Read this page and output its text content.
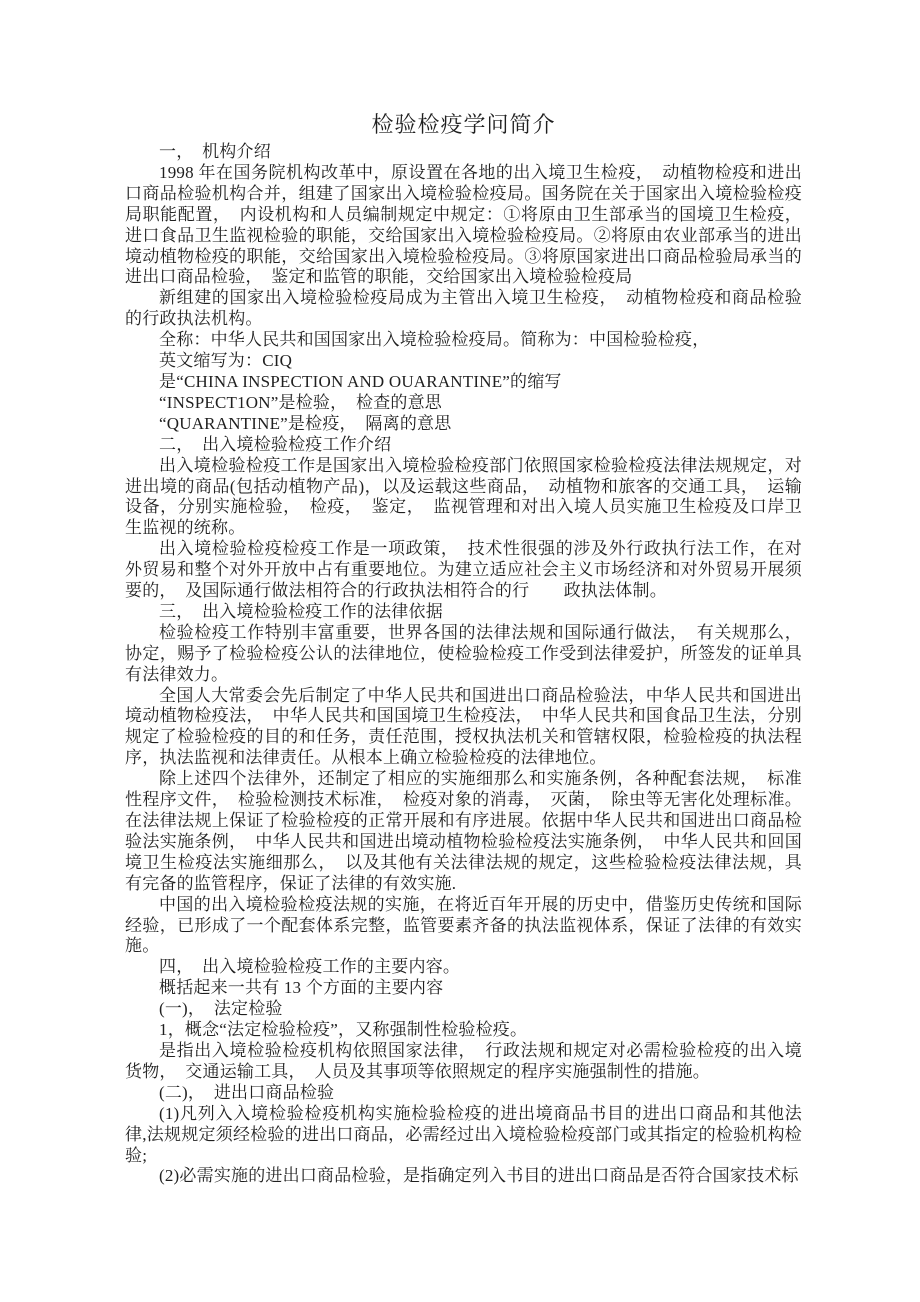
检验检疫学问简介

一，　机构介绍

1998 年在国务院机构改革中，原设置在各地的出入境卫生检疫，　动植物检疫和进出口商品检验机构合并，组建了国家出入境检验检疫局。国务院在关于国家出入境检验检疫局职能配置，　内设机构和人员编制规定中规定：①将原由卫生部承当的国境卫生检疫，进口食品卫生监视检验的职能，交给国家出入境检验检疫局。②将原由农业部承当的进出境动植物检疫的职能，交给国家出入境检验检疫局。③将原国家进出口商品检验局承当的进出口商品检验，　鉴定和监管的职能，交给国家出入境检验检疫局

新组建的国家出入境检验检疫局成为主管出入境卫生检疫，　动植物检疫和商品检验的行政执法机构。

全称：中华人民共和国国家出入境检验检疫局。简称为：中国检验检疫，

英文缩写为：CIQ

是“CHINA INSPECTION AND OUARANTINE”的缩写

“INSPECT1ON”是检验，　检查的意思

“QUARANTINE”是检疫，　隔离的意思

二，　出入境检验检疫工作介绍

出入境检验检疫工作是国家出入境检验检疫部门依照国家检验检疫法律法规规定，对进出境的商品(包括动植物产品)，以及运载这些商品，　动植物和旅客的交通工具，　运输设备，分别实施检验，　检疫，　鉴定，　监视管理和对出入境人员实施卫生检疫及口岸卫生监视的统称。

出入境检验检疫检疫工作是一项政策，　技术性很强的涉及外行政执行法工作，在对外贸易和整个对外开放中占有重要地位。为建立适应社会主义市场经济和对外贸易开展须要的，　及国际通行做法相符合的行政执法相符合的行　　政执法体制。

三，　出入境检验检疫工作的法律依据

检验检疫工作特别丰富重要，世界各国的法律法规和国际通行做法，　有关规那么，协定，赐予了检验检疫公认的法律地位，使检验检疫工作受到法律爱护，所签发的证单具有法律效力。

全国人大常委会先后制定了中华人民共和国进出口商品检验法，中华人民共和国进出境动植物检疫法，　中华人民共和国国境卫生检疫法，　中华人民共和国食品卫生法，分别规定了检验检疫的目的和任务，责任范围，授权执法机关和管辖权限，检验检疫的执法程序，执法监视和法律责任。从根本上确立检验检疫的法律地位。

除上述四个法律外，还制定了相应的实施细那么和实施条例，各种配套法规，　标准性程序文件，　检验检测技术标准，　检疫对象的消毒，　灭菌，　除虫等无害化处理标准。在法律法规上保证了检验检疫的正常开展和有序进展。依据中华人民共和国进出口商品检验法实施条例，　中华人民共和国进出境动植物检验检疫法实施条例，　中华人民共和回国境卫生检疫法实施细那么，　以及其他有关法律法规的规定，这些检验检疫法律法规，具有完备的监管程序，保证了法律的有效实施.

中国的出入境检验检疫法规的实施，在将近百年开展的历史中，借鉴历史传统和国际经验，已形成了一个配套体系完整，监管要素齐备的执法监视体系，保证了法律的有效实施。

四，　出入境检验检疫工作的主要内容。

概括起来一共有 13 个方面的主要内容

(一)，　法定检验

1，概念“法定检验检疫”，又称强制性检验检疫。

是指出入境检验检疫机构依照国家法律，　行政法规和规定对必需检验检疫的出入境货物，　交通运输工具，　人员及其事项等依照规定的程序实施强制性的措施。

(二)，　进出口商品检验

(1)凡列入入境检验检疫机构实施检验检疫的进出境商品书目的进出口商品和其他法律,法规规定须经检验的进出口商品，必需经过出入境检验检疫部门或其指定的检验机构检验;

(2)必需实施的进出口商品检验，是指确定列入书目的进出口商品是否符合国家技术标
